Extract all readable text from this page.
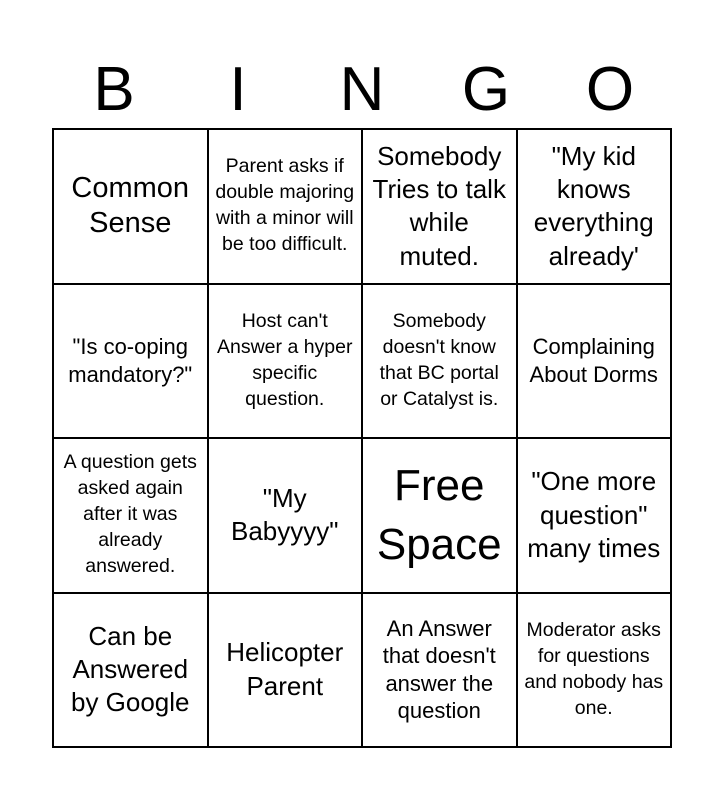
B	I	N	G	O
Common Sense
Parent asks if double majoring with a minor will be too difficult.
Somebody Tries to talk while muted.
"My kid knows everything already'
"Is co-oping mandatory?"
Host can't Answer a hyper specific question.
Somebody doesn't know that BC portal or Catalyst is.
Complaining About Dorms
A question gets asked again after it was already answered.
"My Babyyyy"
Free Space
"One more question" many times
Can be Answered by Google
Helicopter Parent
An Answer that doesn't answer the question
Moderator asks for questions and nobody has one.
